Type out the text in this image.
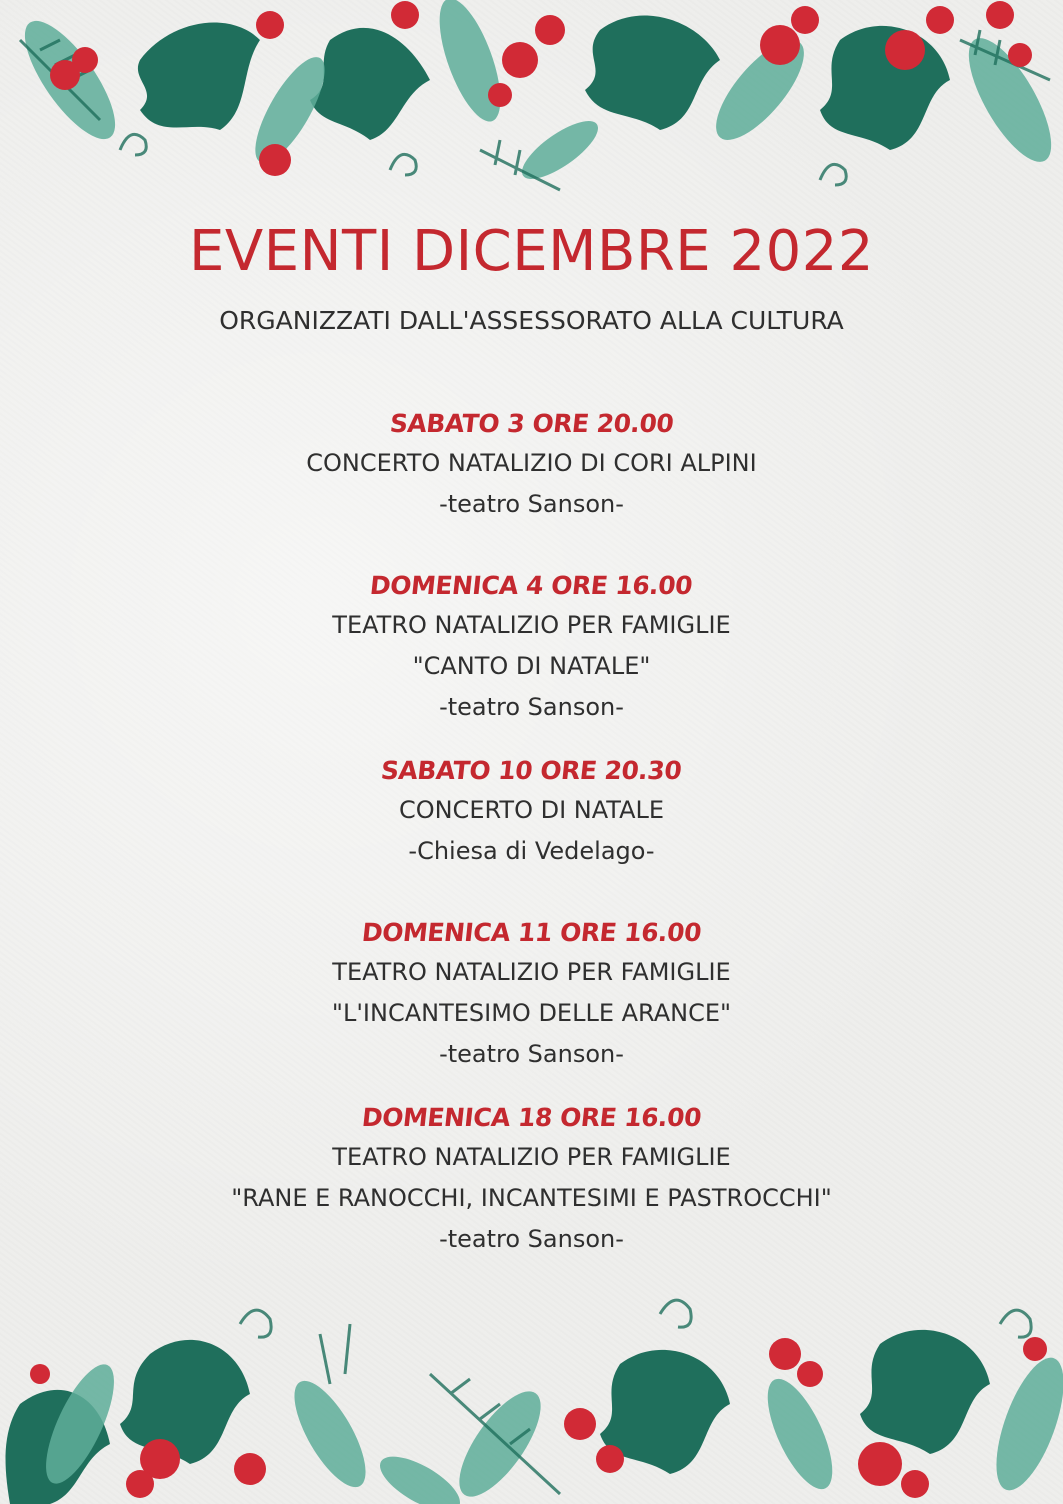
EVENTI DICEMBRE 2022
ORGANIZZATI DALL'ASSESSORATO ALLA CULTURA
SABATO 3 ORE 20.00
CONCERTO NATALIZIO DI CORI ALPINI
-teatro Sanson-
DOMENICA 4 ORE 16.00
TEATRO NATALIZIO PER FAMIGLIE
"CANTO DI NATALE"
-teatro Sanson-
SABATO 10 ORE 20.30
CONCERTO DI NATALE
-Chiesa di Vedelago-
DOMENICA 11 ORE 16.00
TEATRO NATALIZIO PER FAMIGLIE
"L'INCANTESIMO DELLE ARANCE"
-teatro Sanson-
DOMENICA 18 ORE 16.00
TEATRO NATALIZIO PER FAMIGLIE
"RANE E RANOCCHI, INCANTESIMI E PASTROCCHI"
-teatro Sanson-
